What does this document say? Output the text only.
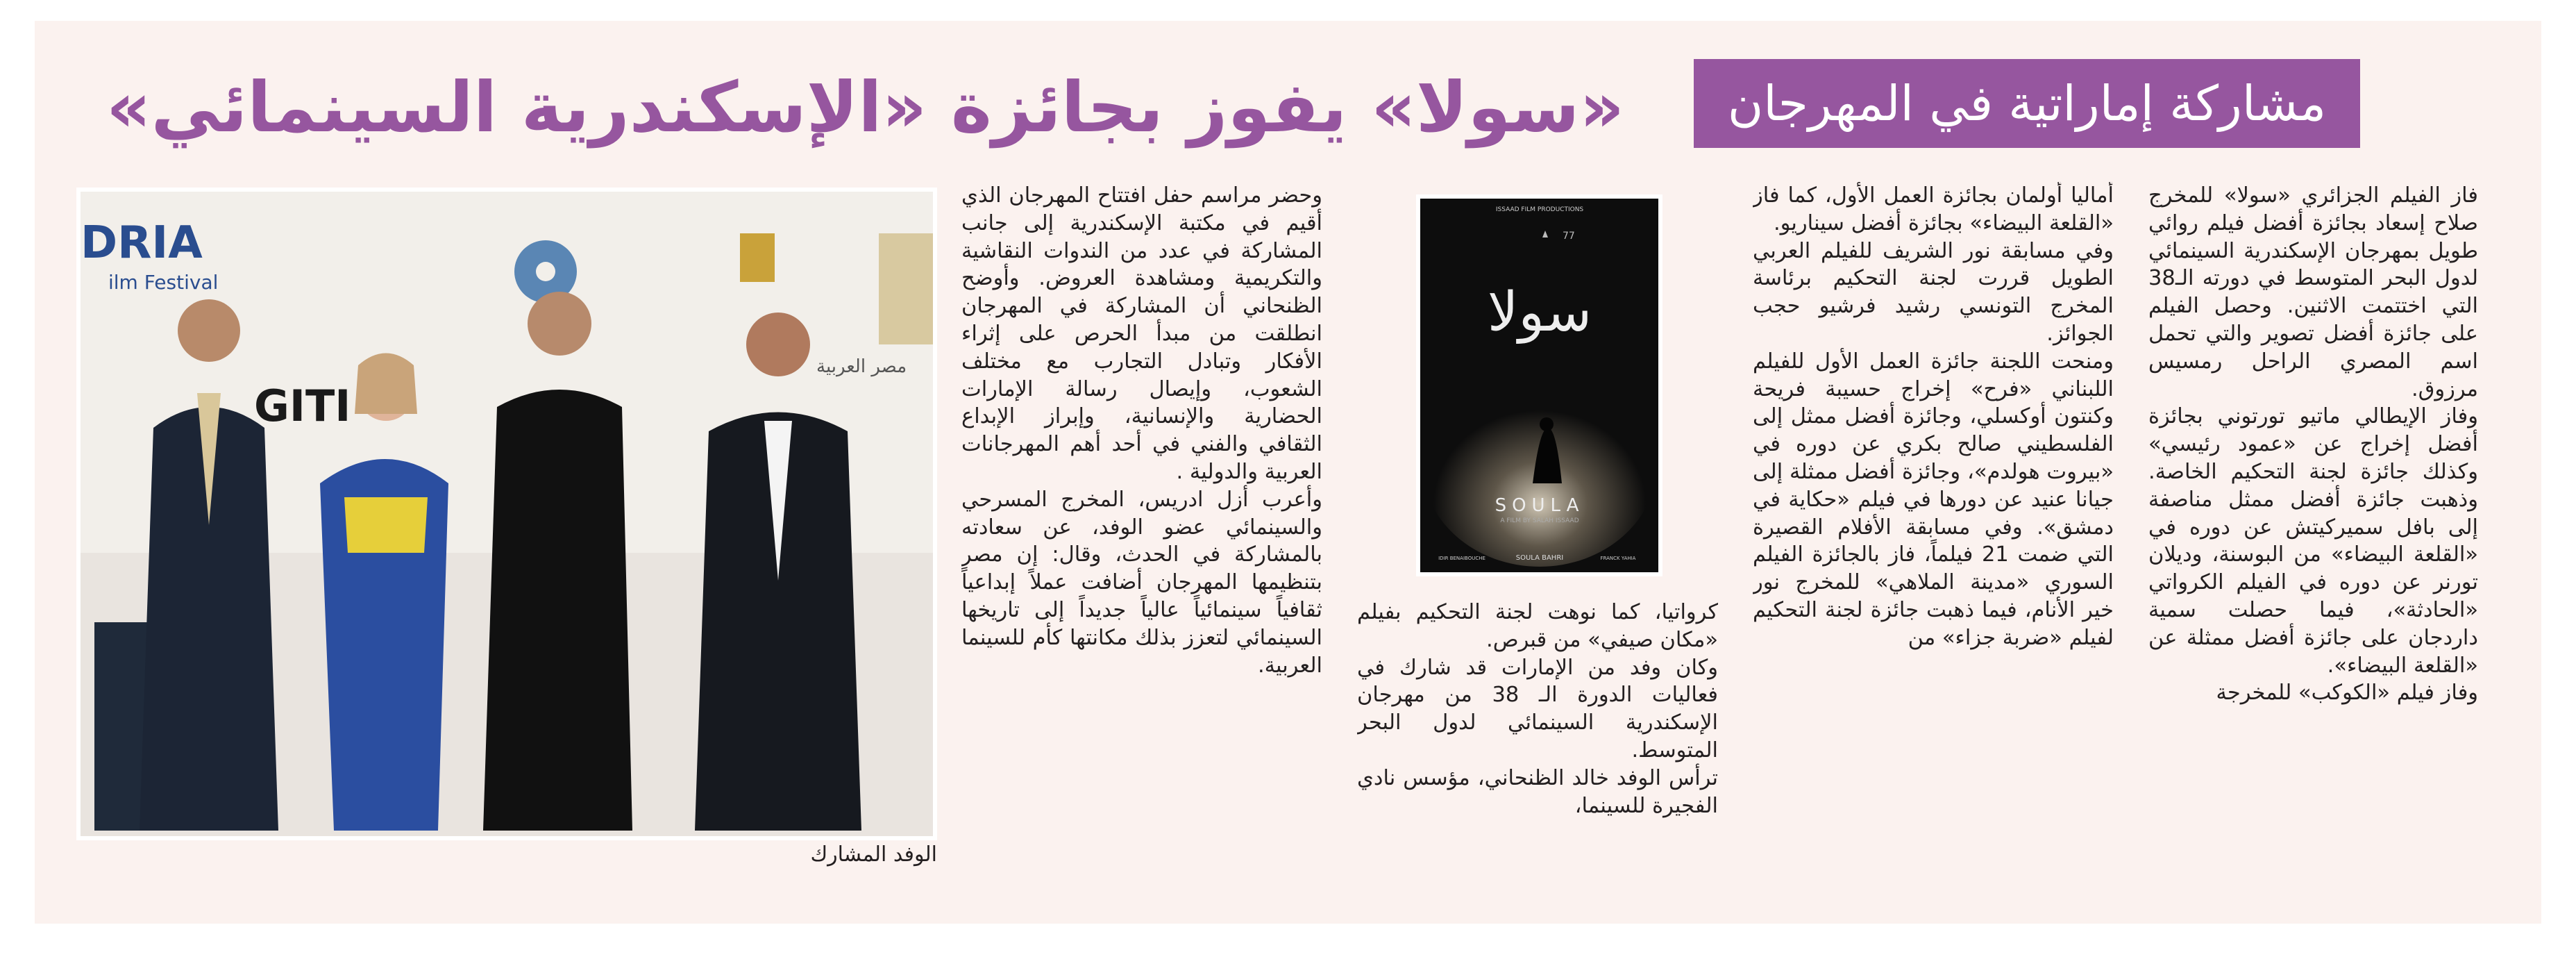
«سولا» يفوز بجائزة «الإسكندرية السينمائي»	مشاركة إماراتية في المهرجان
فاز الفيلم الجزائري «سولا» للمخرج صلاح إسعاد بجائزة أفضل فيلم روائي طويل بمهرجان الإسكندرية السينمائي لدول البحر المتوسط في دورته الـ38 التي اختتمت الاثنين. وحصل الفيلم على جائزة أفضل تصوير والتي تحمل اسم المصري الراحل رمسيس مرزوق.
وفاز الإيطالي ماتيو تورتوني بجائزة أفضل إخراج عن «عمود رئيسي» وكذلك جائزة لجنة التحكيم الخاصة. وذهبت جائزة أفضل ممثل مناصفة إلى بافل سميركيتش عن دوره في «القلعة البيضاء» من البوسنة، وديلان تورنر عن دوره في الفيلم الكرواتي «الحادثة»، فيما حصلت سمية داردجان على جائزة أفضل ممثلة عن «القلعة البيضاء».
وفاز فيلم «الكوكب» للمخرجة
أماليا أولمان بجائزة العمل الأول، كما فاز «القلعة البيضاء» بجائزة أفضل سيناريو.
وفي مسابقة نور الشريف للفيلم العربي الطويل قررت لجنة التحكيم برئاسة المخرج التونسي رشيد فرشيو حجب الجوائز.
ومنحت اللجنة جائزة العمل الأول للفيلم اللبناني «فرح» إخراج حسيبة فريحة وكنتون أوكسلي، وجائزة أفضل ممثل إلى الفلسطيني صالح بكري عن دوره في «بيروت هولدم»، وجائزة أفضل ممثلة إلى جيانا عنيد عن دورها في فيلم «حكاية في دمشق». وفي مسابقة الأفلام القصيرة التي ضمت 21 فيلماً، فاز بالجائزة الفيلم السوري «مدينة الملاهي» للمخرج نور خير الأنام، فيما ذهبت جائزة لجنة التحكيم لفيلم «ضربة جزاء» من
ISSAAD FILM PRODUCTIONS
77
سولا
SOULA
A FILM BY SALAH ISSAAD
IDIR BENAIBOUCHE	SOULA BAHRI	FRANCK YAHIA
كرواتيا، كما نوهت لجنة التحكيم بفيلم «مكان صيفي» من قبرص.
وكان وفد من الإمارات قد شارك في فعاليات الدورة الـ 38 من مهرجان الإسكندرية السينمائي لدول البحر المتوسط.
ترأس الوفد خالد الظنحاني، مؤسس نادي الفجيرة للسينما،
وحضر مراسم حفل افتتاح المهرجان الذي أقيم في مكتبة الإسكندرية إلى جانب المشاركة في عدد من الندوات النقاشية والتكريمية ومشاهدة العروض. وأوضح الظنحاني أن المشاركة في المهرجان انطلقت من مبدأ الحرص على إثراء الأفكار وتبادل التجارب مع مختلف الشعوب، وإيصال رسالة الإمارات الحضارية والإنسانية، وإبراز الإبداع الثقافي والفني في أحد أهم المهرجانات العربية والدولية .
وأعرب أزل ادريس، المخرج المسرحي والسينمائي عضو الوفد، عن سعادته بالمشاركة في الحدث، وقال: إن مصر بتنظيمها المهرجان أضافت عملاً إبداعياً ثقافياً سينمائياً عالياً جديداً إلى تاريخها السينمائي لتعزز بذلك مكانتها كأم للسينما العربية.
DRIA
ilm Festival
GITI
مصر العربية
الوفد المشارك
